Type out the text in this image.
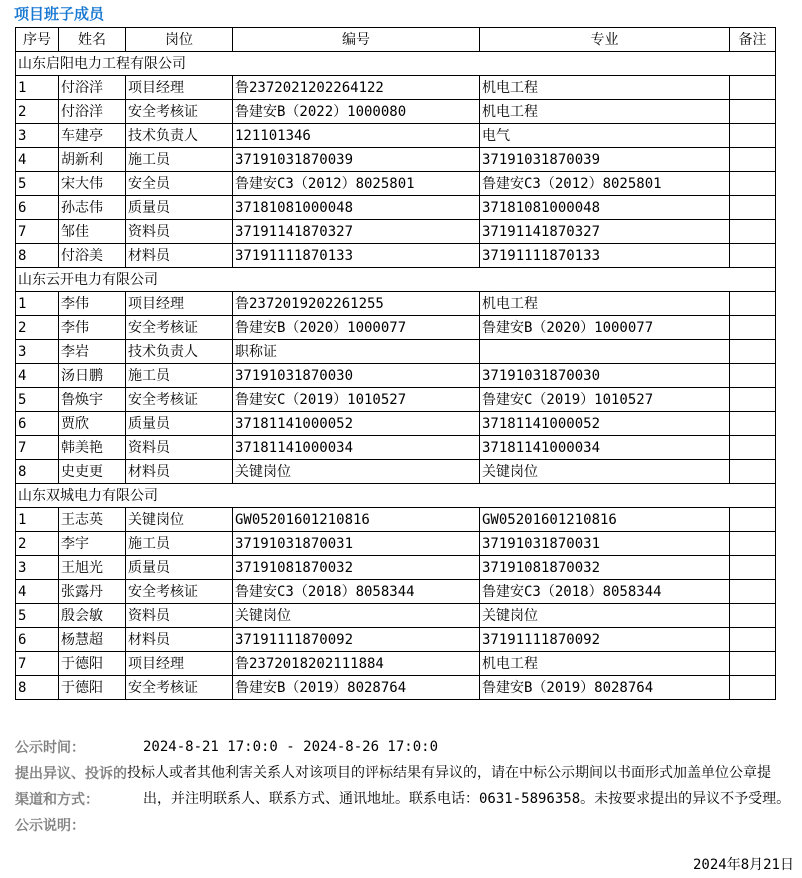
项目班子成员
序号	姓名	岗位	编号	专业	备注
山东启阳电力工程有限公司					
1	付浴洋	项目经理	鲁2372021202264122	机电工程	
2	付浴洋	安全考核证	鲁建安B（2022）1000080	机电工程	
3	车建亭	技术负责人	121101346	电气	
4	胡新利	施工员	37191031870039	37191031870039	
5	宋大伟	安全员	鲁建安C3（2012）8025801	鲁建安C3（2012）8025801	
6	孙志伟	质量员	37181081000048	37181081000048	
7	邹佳	资料员	37191141870327	37191141870327	
8	付浴美	材料员	37191111870133	37191111870133	
山东云开电力有限公司					
1	李伟	项目经理	鲁2372019202261255	机电工程	
2	李伟	安全考核证	鲁建安B（2020）1000077	鲁建安B（2020）1000077	
3	李岩	技术负责人	职称证		
4	汤日鹏	施工员	37191031870030	37191031870030	
5	鲁焕宇	安全考核证	鲁建安C（2019）1010527	鲁建安C（2019）1010527	
6	贾欣	质量员	37181141000052	37181141000052	
7	韩美艳	资料员	37181141000034	37181141000034	
8	史吏更	材料员	关键岗位	关键岗位	
山东双城电力有限公司					
1	王志英	关键岗位	GW05201601210816	GW05201601210816	
2	李宇	施工员	37191031870031	37191031870031	
3	王旭光	质量员	37191081870032	37191081870032	
4	张露丹	安全考核证	鲁建安C3（2018）8058344	鲁建安C3（2018）8058344	
5	殷会敏	资料员	关键岗位	关键岗位	
6	杨慧超	材料员	37191111870092	37191111870092	
7	于德阳	项目经理	鲁2372018202111884	机电工程	
8	于德阳	安全考核证	鲁建安B（2019）8028764	鲁建安B（2019）8028764	
公示时间：	2024-8-21 17:0:0 - 2024-8-26 17:0:0
提出异议、投诉的投标人或者其他利害关系人对该项目的评标结果有异议的，请在中标公示期间以书面形式加盖单位公章提
渠道和方式：	出，并注明联系人、联系方式、通讯地址。联系电话：0631-5896358。未按要求提出的异议不予受理。
公示说明：
2024年8月21日
